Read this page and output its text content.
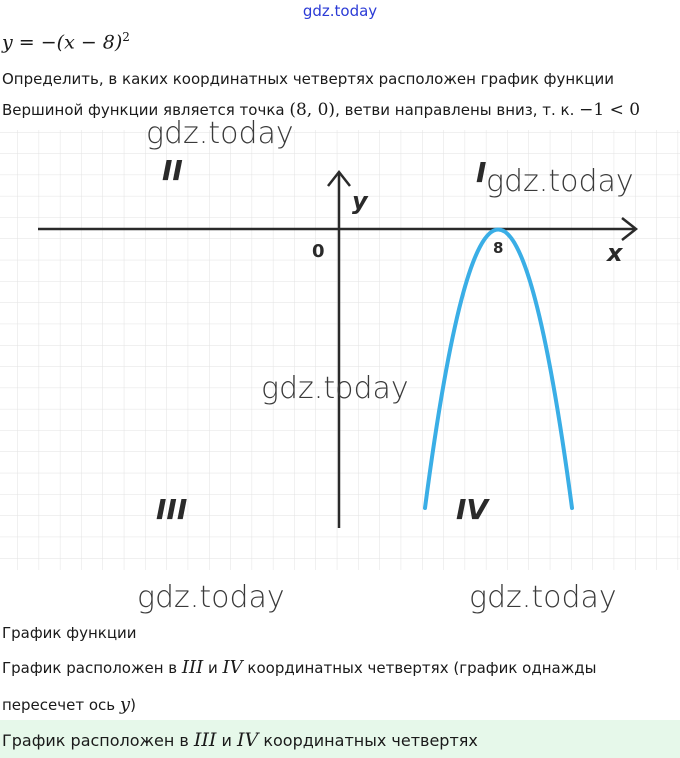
gdz.today
$y = -(x - 8)^2$
Определить, в каких координатных четвертях расположен график функции
Вершиной функции является точка (8, 0), ветви направлены вниз, т. к. −1 < 0
y
x
0	8
I
II
III	IV
gdz.today
gdz.today
gdz.today
gdz.today	gdz.today
График функции
График расположен в III и IV координатных четвертях (график однажды
пересечет ось y)
График расположен в III и IV координатных четвертях
